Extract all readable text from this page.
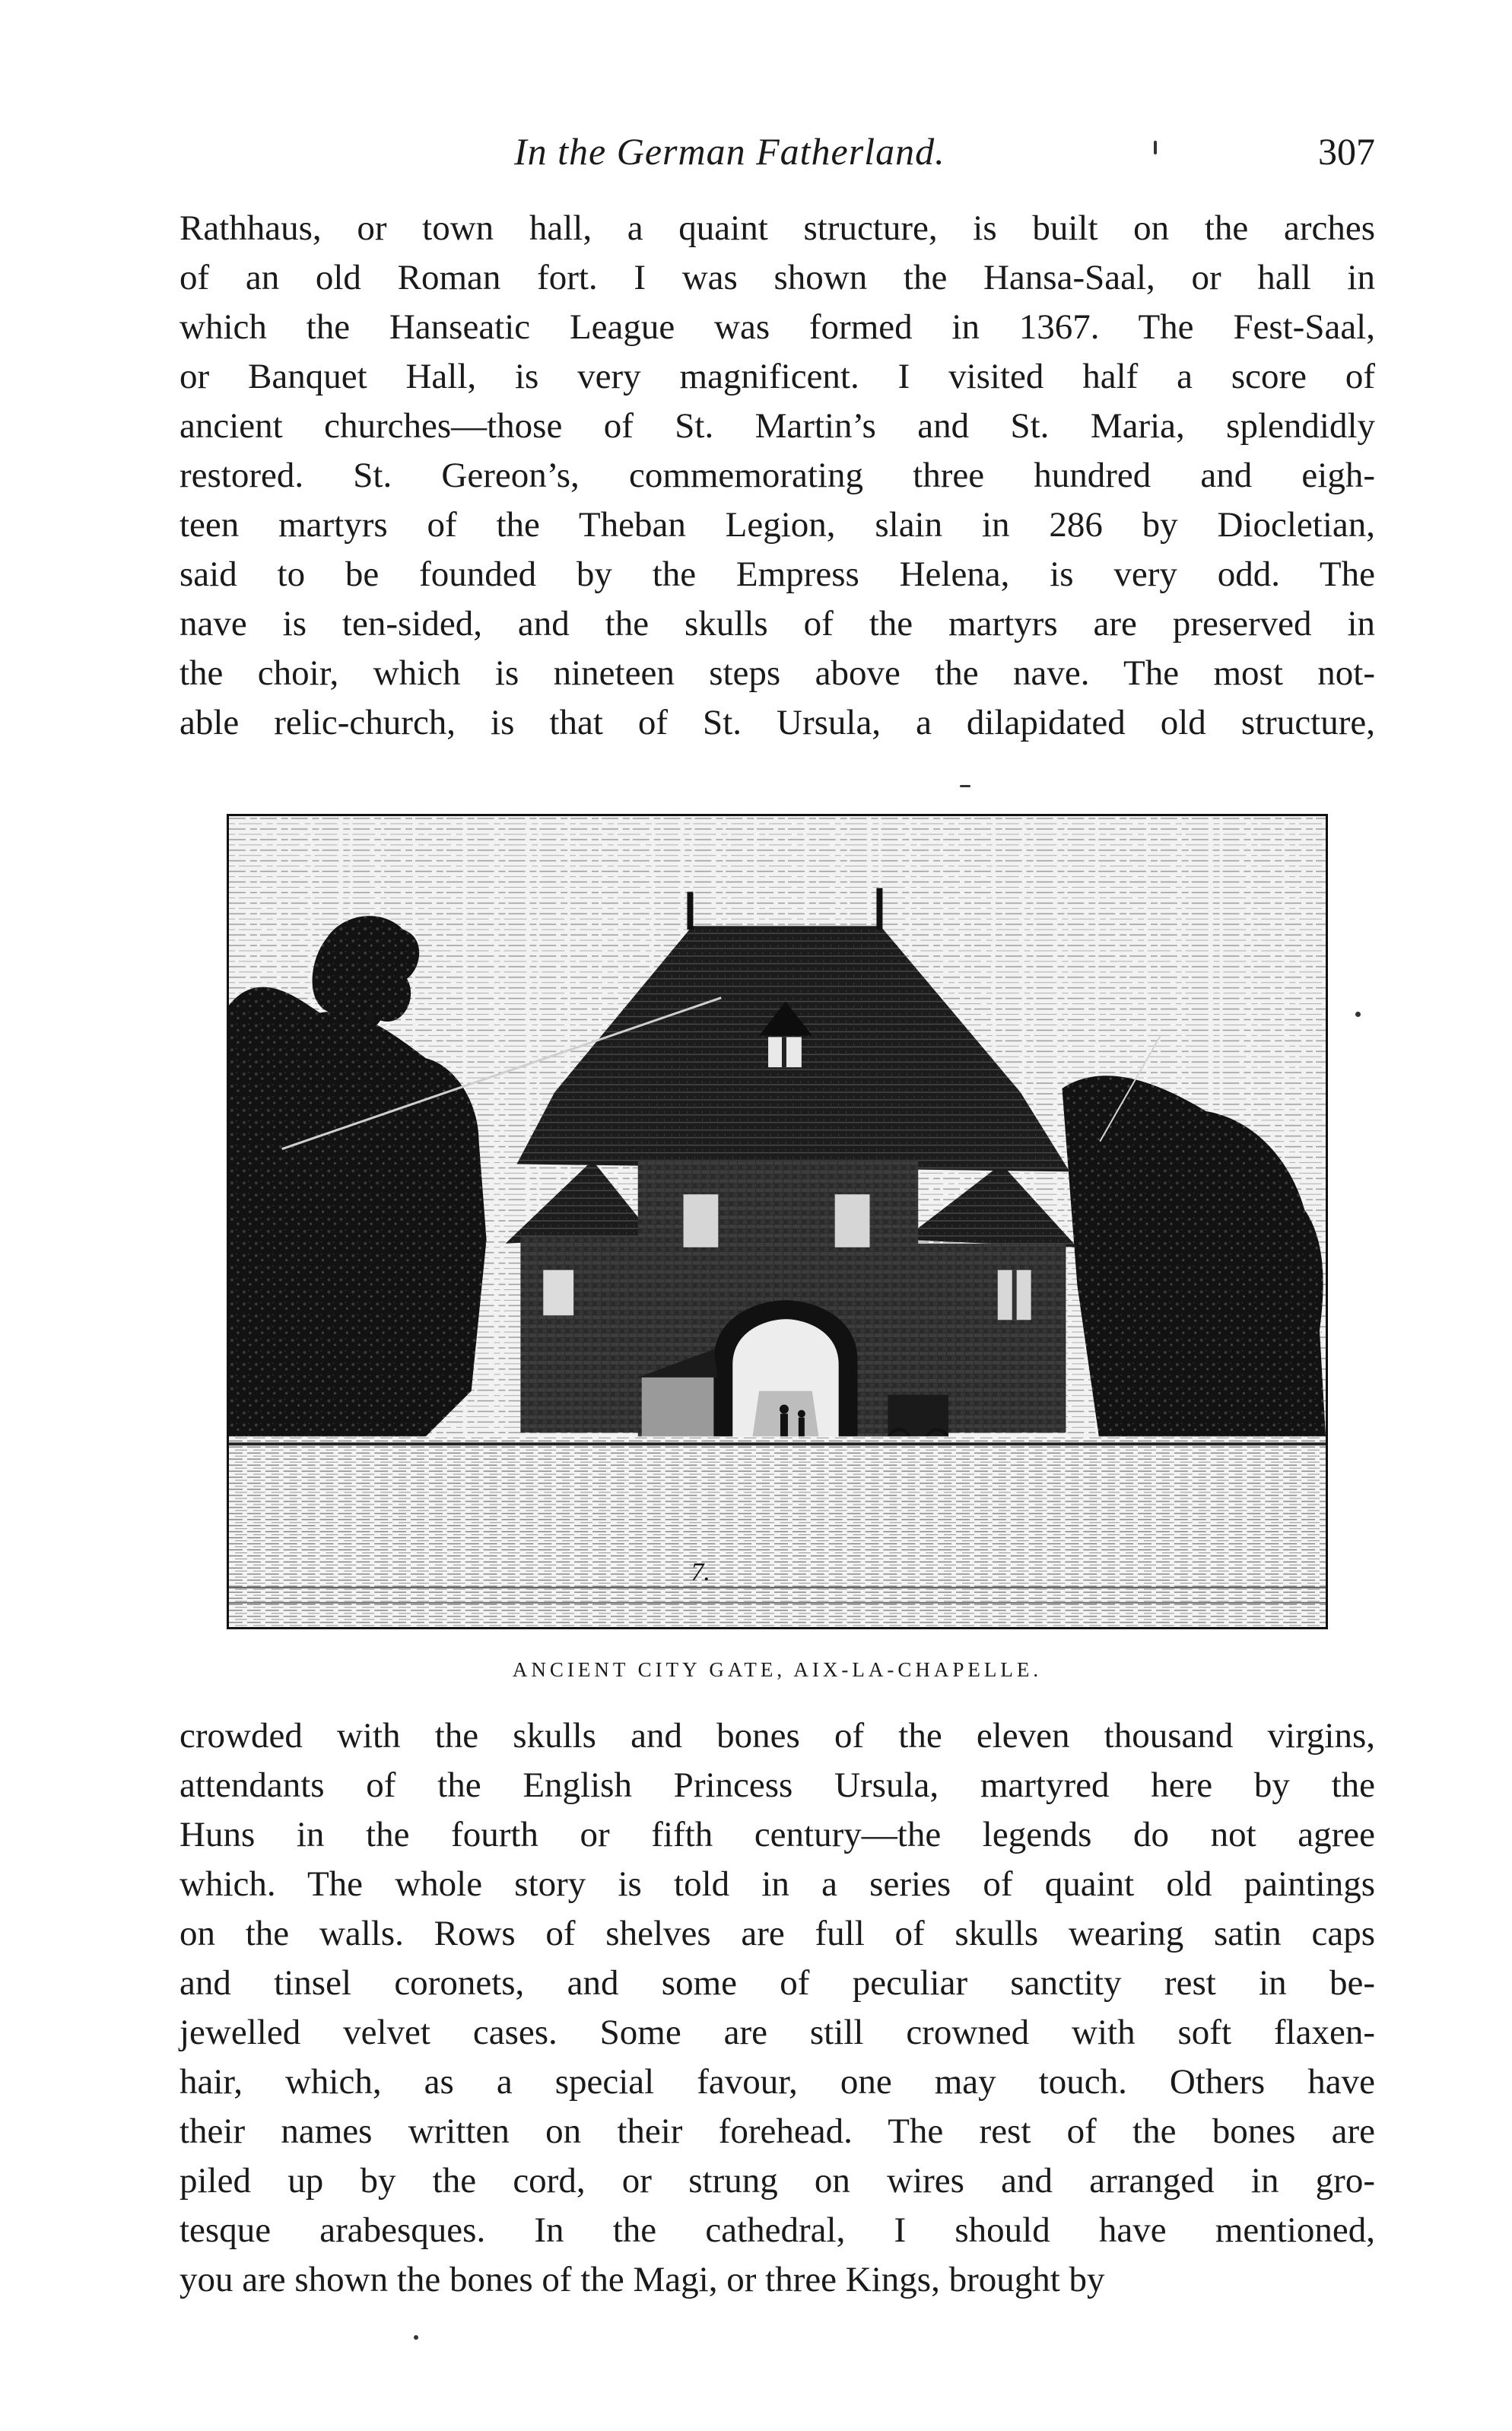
In the German Fatherland.	307
Rathhaus, or town hall, a quaint structure, is built on the arches
of an old Roman fort. I was shown the Hansa-Saal, or hall in
which the Hanseatic League was formed in 1367. The Fest-Saal,
or Banquet Hall, is very magnificent. I visited half a score of
ancient churches—those of St. Martin’s and St. Maria, splendidly
restored. St. Gereon’s, commemorating three hundred and eigh-
teen martyrs of the Theban Legion, slain in 286 by Diocletian,
said to be founded by the Empress Helena, is very odd. The
nave is ten-sided, and the skulls of the martyrs are preserved in
the choir, which is nineteen steps above the nave. The most not-
able relic-church, is that of St. Ursula, a dilapidated old structure,
7.
ANCIENT CITY GATE, AIX-LA-CHAPELLE.
crowded with the skulls and bones of the eleven thousand virgins,
attendants of the English Princess Ursula, martyred here by the
Huns in the fourth or fifth century—the legends do not agree
which. The whole story is told in a series of quaint old paintings
on the walls. Rows of shelves are full of skulls wearing satin caps
and tinsel coronets, and some of peculiar sanctity rest in be-
jewelled velvet cases. Some are still crowned with soft flaxen-
hair, which, as a special favour, one may touch. Others have
their names written on their forehead. The rest of the bones are
piled up by the cord, or strung on wires and arranged in gro-
tesque arabesques. In the cathedral, I should have mentioned,
you are shown the bones of the Magi, or three Kings, brought by
